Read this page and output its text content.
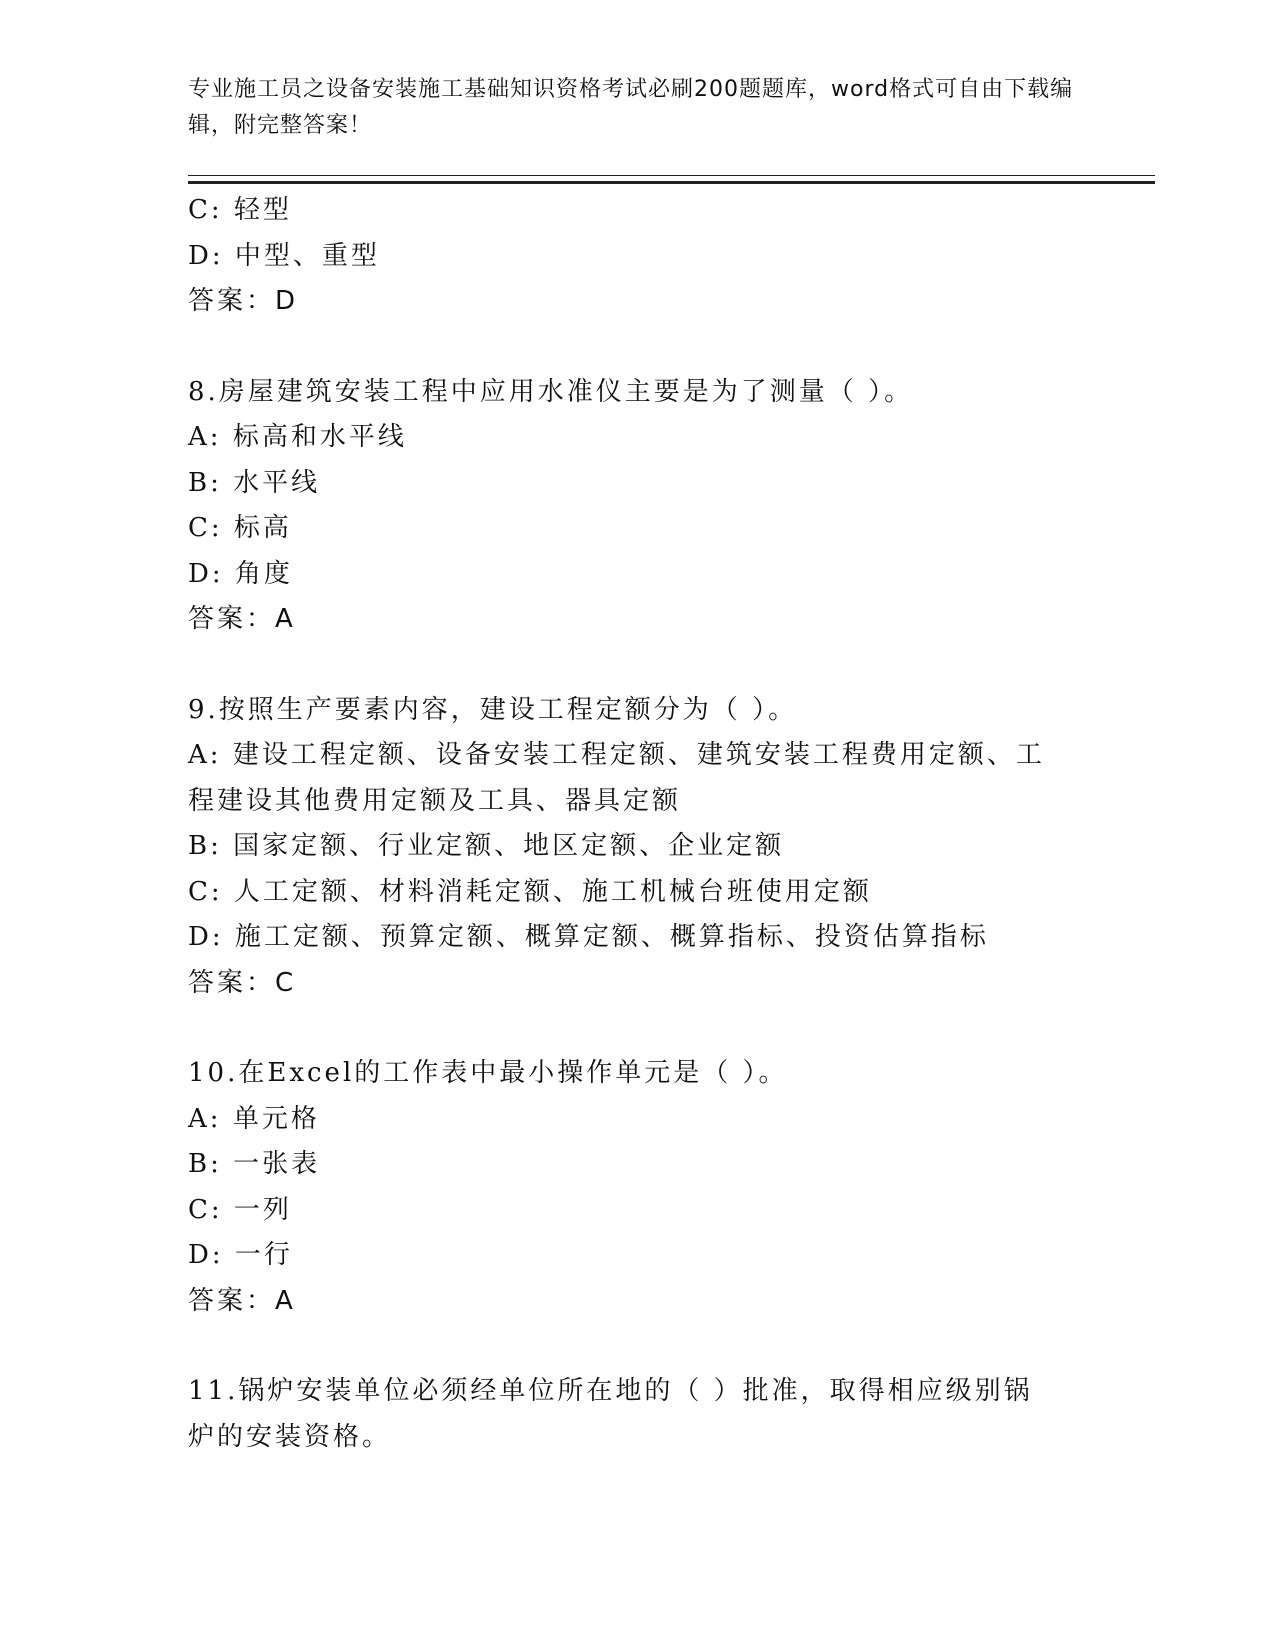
专业施工员之设备安装施工基础知识资格考试必刷200题题库，word格式可自由下载编辑，附完整答案！
C: 轻型
D: 中型、重型
答案：D
8.房屋建筑安装工程中应用水准仪主要是为了测量（ ）。
A: 标高和水平线
B: 水平线
C: 标高
D: 角度
答案：A
9.按照生产要素内容，建设工程定额分为（ ）。
A: 建设工程定额、设备安装工程定额、建筑安装工程费用定额、工程建设其他费用定额及工具、器具定额
B: 国家定额、行业定额、地区定额、企业定额
C: 人工定额、材料消耗定额、施工机械台班使用定额
D: 施工定额、预算定额、概算定额、概算指标、投资估算指标
答案：C
10.在Excel的工作表中最小操作单元是（ ）。
A: 单元格
B: 一张表
C: 一列
D: 一行
答案：A
11.锅炉安装单位必须经单位所在地的（ ）批准，取得相应级别锅炉的安装资格。
